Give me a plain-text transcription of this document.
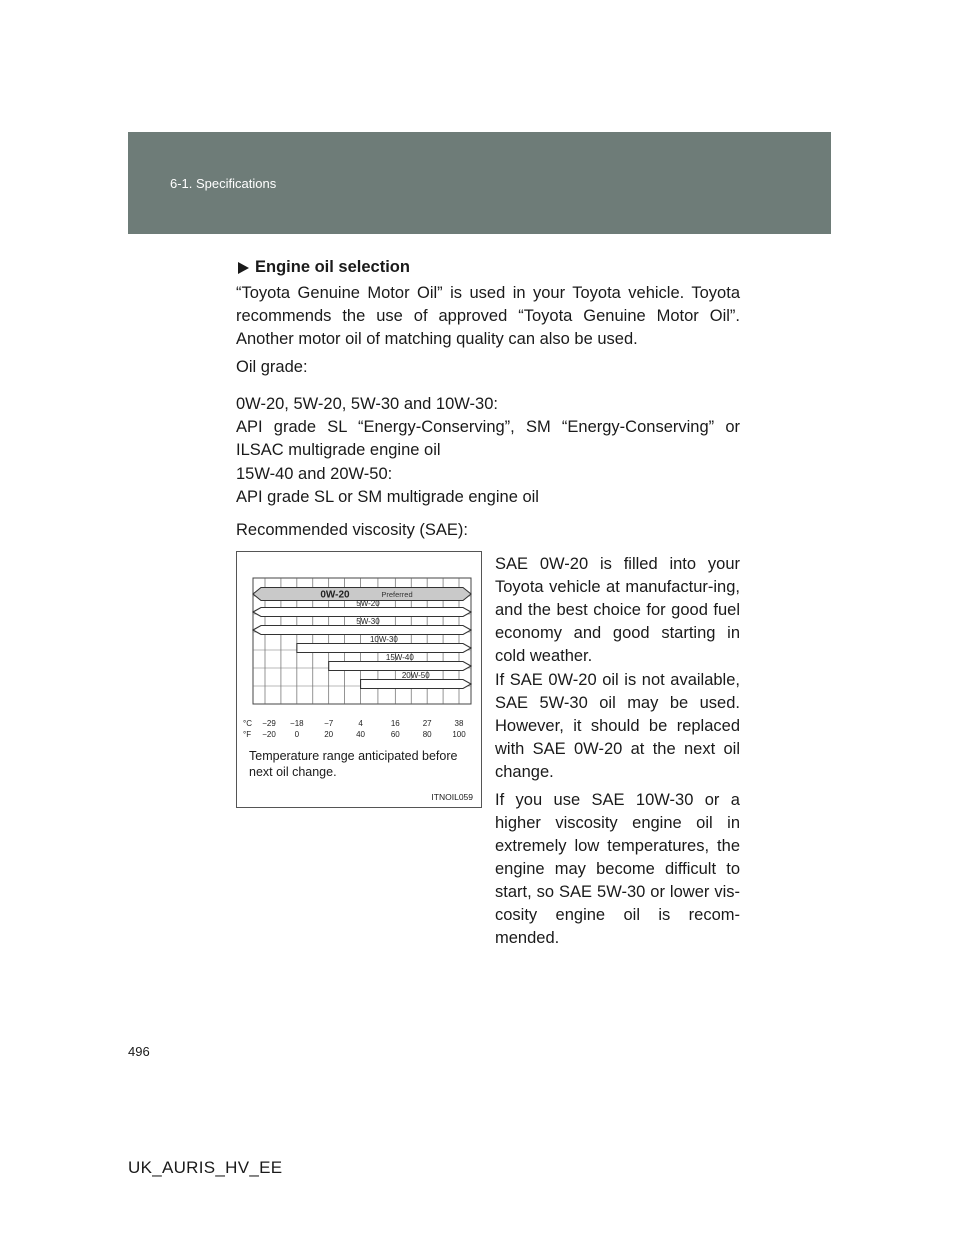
6-1. Specifications
Engine oil selection
“Toyota Genuine Motor Oil” is used in your Toyota vehicle. Toyota recommends the use of approved “Toyota Genuine Motor Oil”. Another motor oil of matching quality can also be used.
Oil grade:
0W-20, 5W-20, 5W-30 and 10W-30:
API grade SL “Energy-Conserving”, SM “Energy-Conserving” or ILSAC multigrade engine oil
15W-40 and 20W-50:
API grade SL or SM multigrade engine oil
Recommended viscosity (SAE):
SAE 0W-20 is filled into your Toyota vehicle at manufactur-ing, and the best choice for good fuel economy and good starting in cold weather.
If SAE 0W-20 oil is not available, SAE 5W-30 oil may be used. However, it should be replaced with SAE 0W-20 at the next oil change.
If you use SAE 10W-30 or a higher viscosity engine oil in extremely low temperatures, the engine may become difficult to start, so SAE 5W-30 or lower vis-cosity engine oil is recom-mended.
0W-20	Preferred
5W-20
5W-30
10W-30
15W-40
20W-50
°C
°F
−29 −18	−7	4	16	27	38
−20 0	20	40	60	80	100
Temperature range anticipated before next oil change.
ITNOIL059
496
UK_AURIS_HV_EE
